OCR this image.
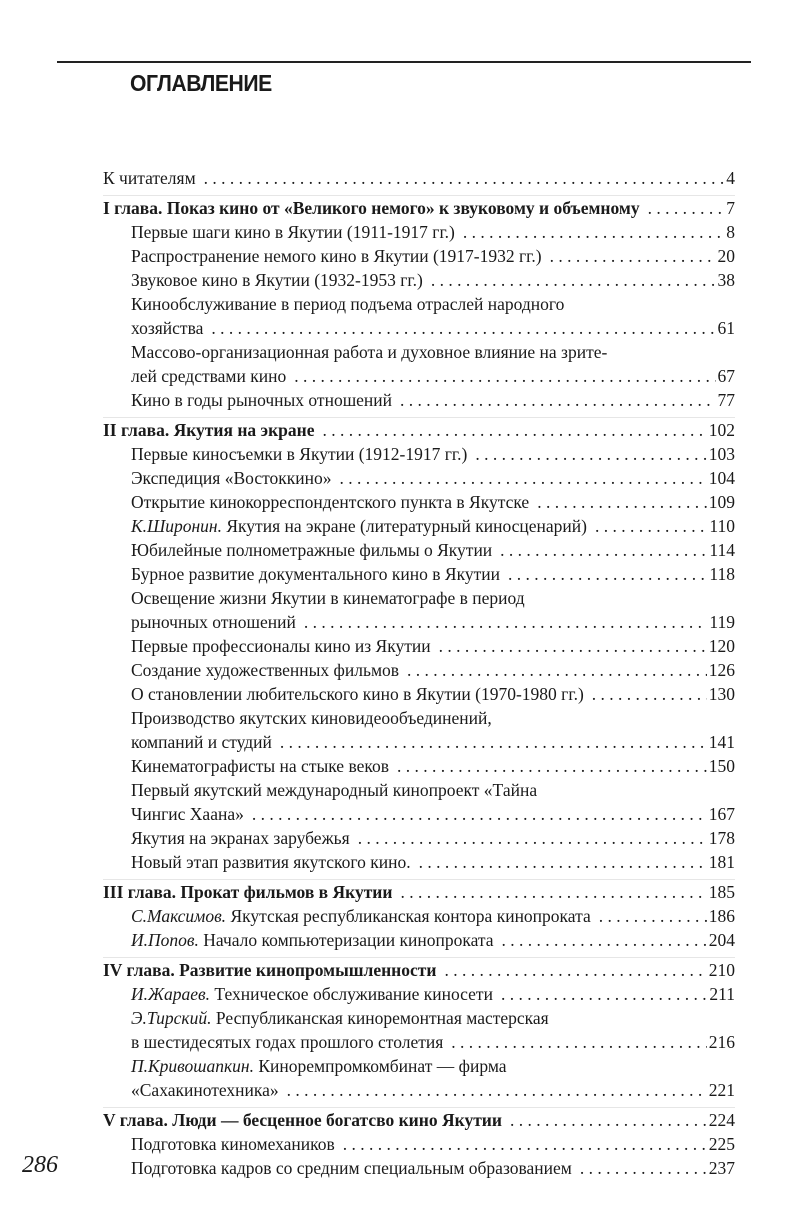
ОГЛАВЛЕНИЕ
К читателям . . .	4
I глава. Показ кино от «Великого немого» к звуковому и объемному . . .	7
Первые шаги кино в Якутии (1911-1917 гг.) . . .	8
Распространение немого кино в Якутии (1917-1932 гг.) . . .	20
Звуковое кино в Якутии (1932-1953 гг.) . . .	38
Кинообслуживание в период подъема отраслей народного
хозяйства . . .	61
Массово-организационная работа и духовное влияние на зрите-
лей средствами кино . . .	67
Кино в годы рыночных отношений . . .	77
II глава. Якутия на экране . . .	102
Первые киносъемки в Якутии (1912-1917 гг.) . . .	103
Экспедиция «Востоккино» . . .	104
Открытие кинокорреспондентского пункта в Якутске . . .	109
К.Широнин. Якутия на экране (литературный киносценарий) . . .	110
Юбилейные полнометражные фильмы о Якутии . . .	114
Бурное развитие документального кино в Якутии . . .	118
Освещение жизни Якутии в кинематографе в период
рыночных отношений . . .	119
Первые профессионалы кино из Якутии . . .	120
Создание художественных фильмов . . .	126
О становлении любительского кино в Якутии (1970-1980 гг.) . . .	130
Производство якутских киновидеообъединений,
компаний и студий . . .	141
Кинематографисты на стыке веков . . .	150
Первый якутский международный кинопроект «Тайна
Чингис Хаана» . . .	167
Якутия на экранах зарубежья . . .	178
Новый этап развития якутского кино. . . .	181
III глава. Прокат фильмов в Якутии . . .	185
С.Максимов. Якутская республиканская контора кинопроката . . .	186
И.Попов. Начало компьютеризации кинопроката . . .	204
IV глава. Развитие кинопромышленности . . .	210
И.Жараев. Техническое обслуживание киносети . . .	211
Э.Тирский. Республиканская киноремонтная мастерская
в шестидесятых годах прошлого столетия . . .	216
П.Кривошапкин. Киноремпромкомбинат — фирма
«Сахакинотехника» . . .	221
V глава. Люди — бесценное богатсво кино Якутии . . .	224
Подготовка киномехаников . . .	225
Подготовка кадров со средним специальным образованием . . .	237
286
